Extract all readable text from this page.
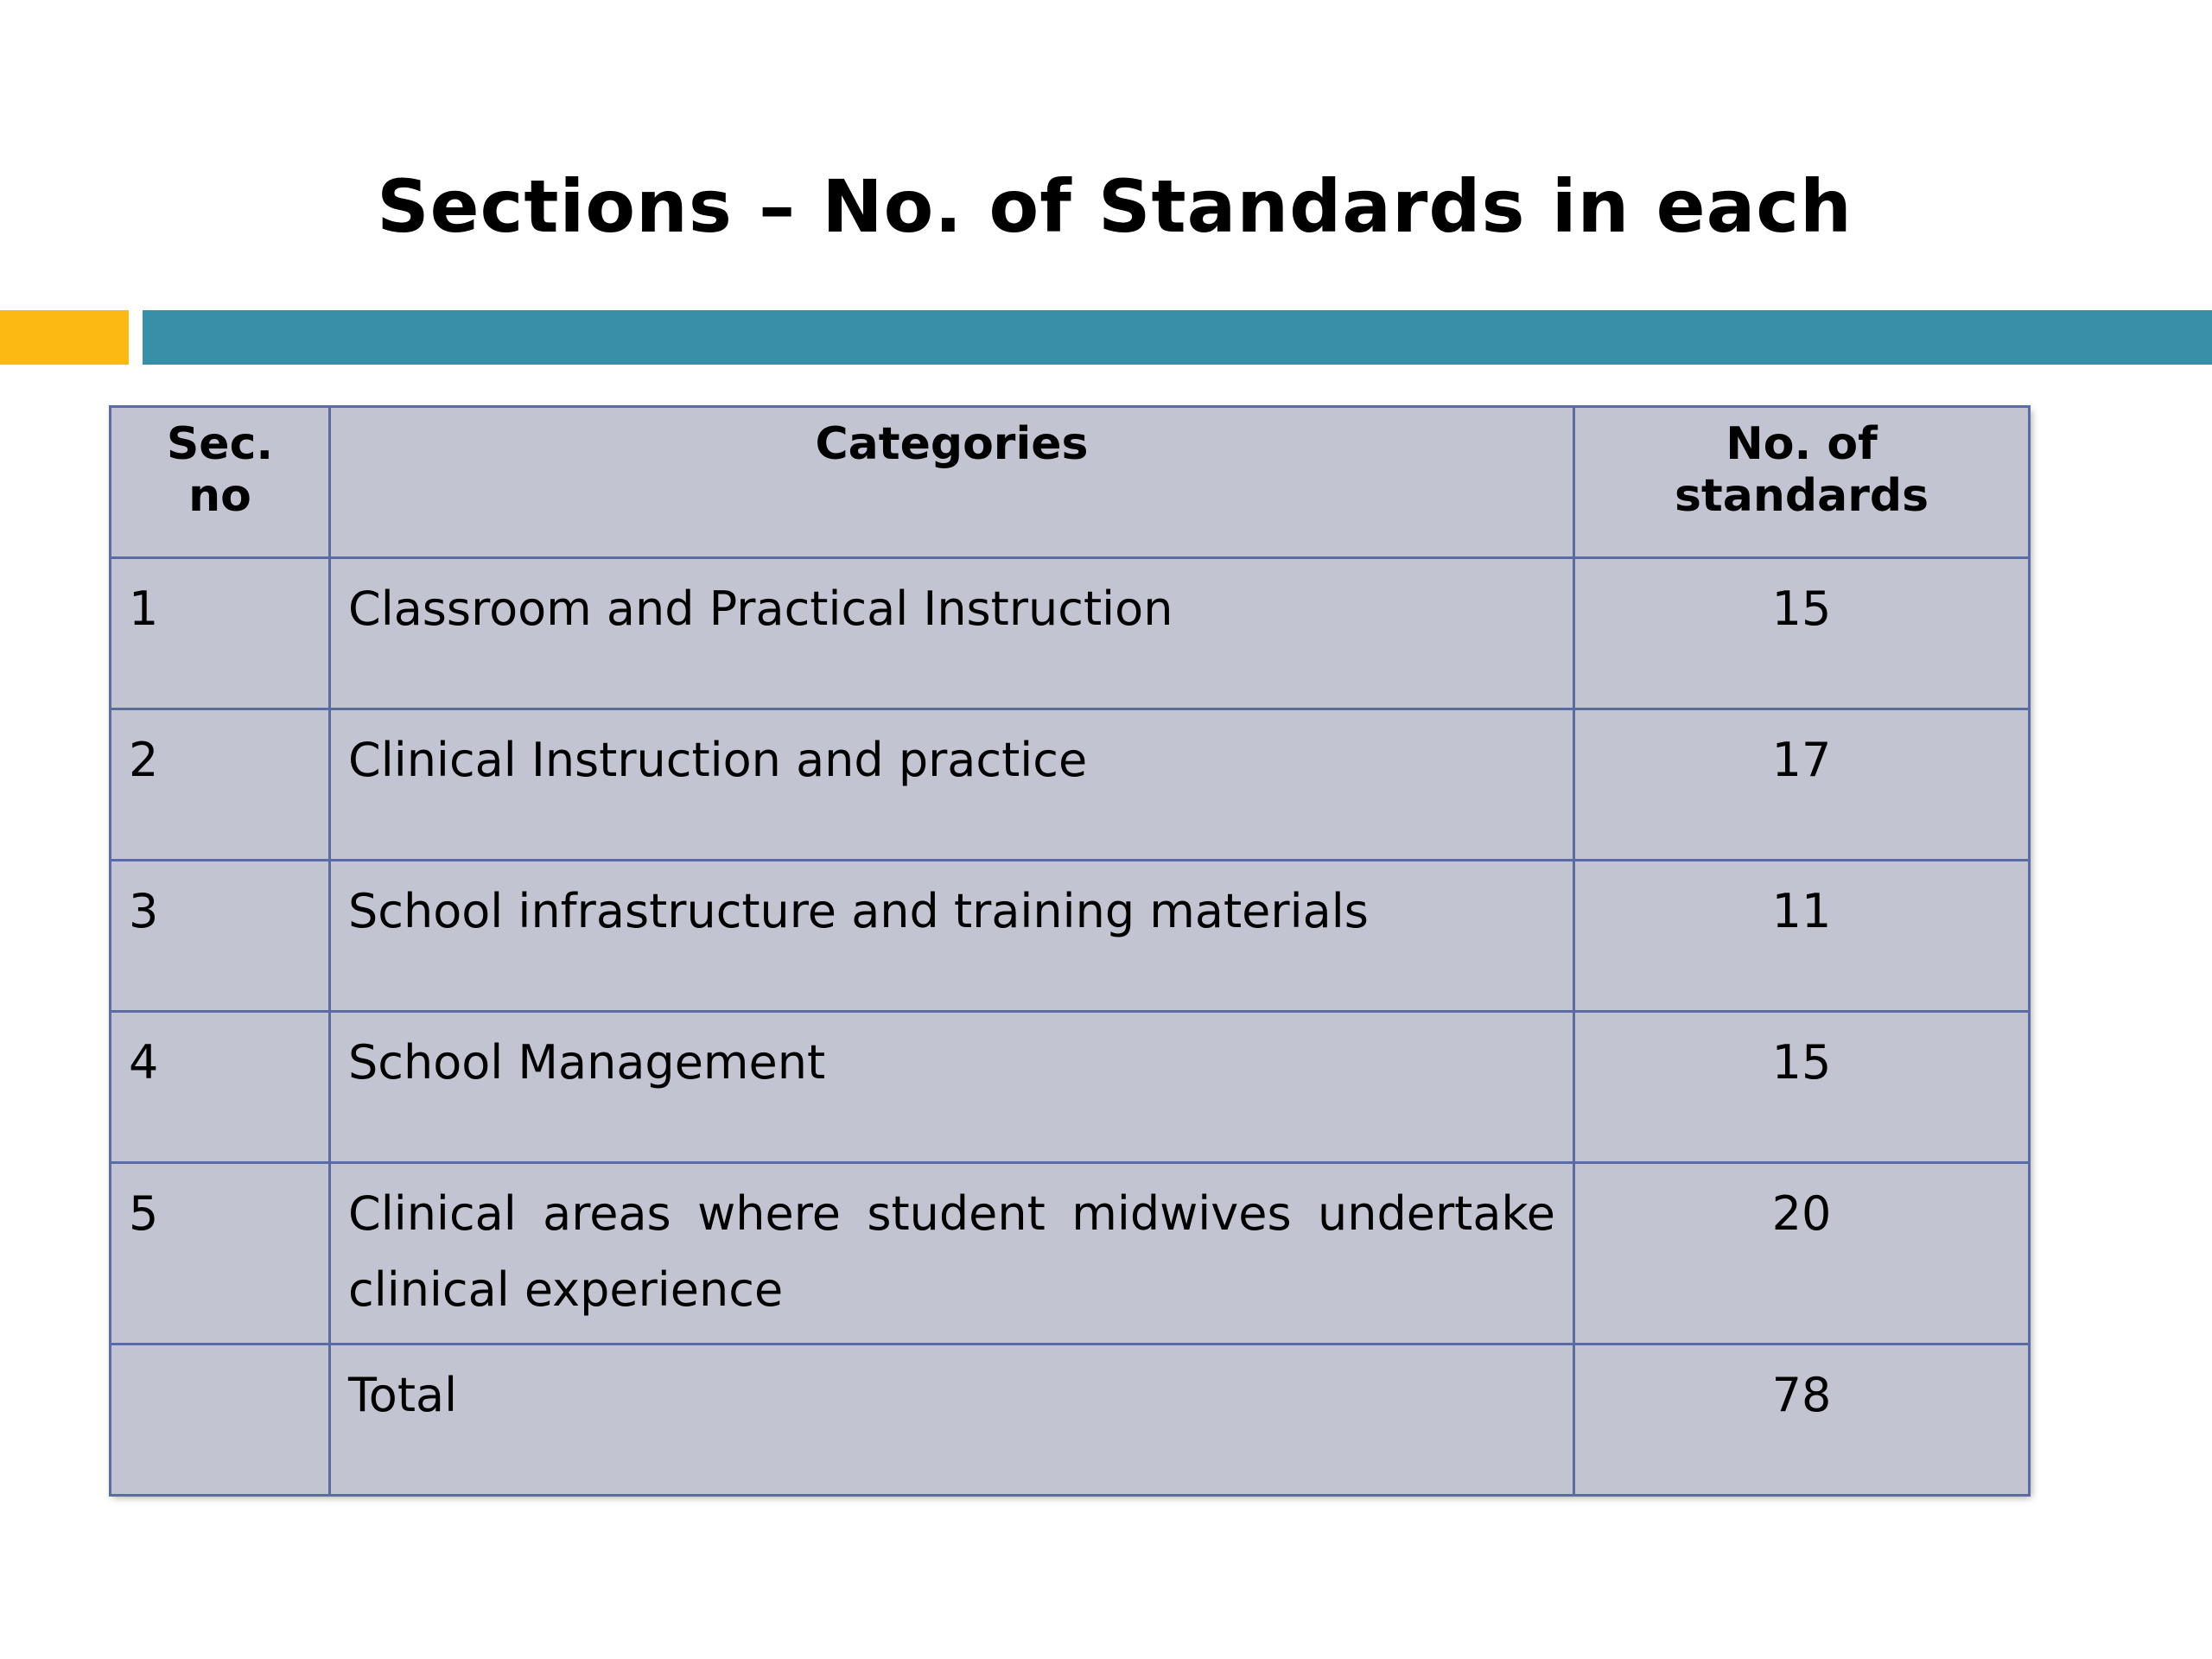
Sections – No. of Standards in each
Sec. no	Categories	No. of standards
1	Classroom and Practical Instruction	15
2	Clinical Instruction and practice	17
3	School infrastructure and training materials	11
4	School Management	15
5	Clinical areas where student midwives undertake clinical experience	20
	Total	78
